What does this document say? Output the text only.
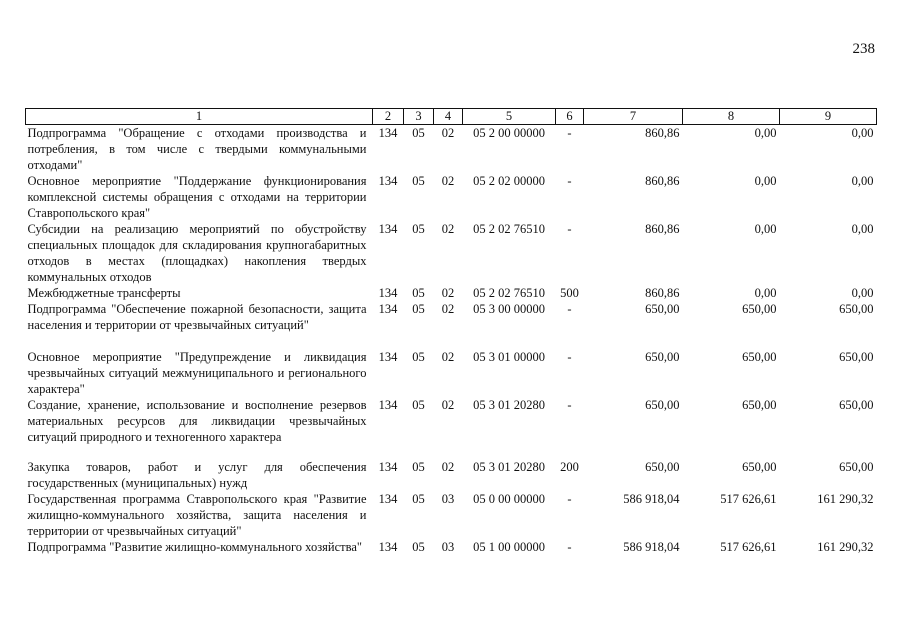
238
1	2	3	4	5	6	7	8	9
Подпрограмма "Обращение с отходами производства и потребления, в том числе с твердыми коммунальными отходами"	134	05	02	05 2 00 00000	-	860,86	0,00	0,00
Основное мероприятие "Поддержание функционирования комплексной системы обращения с отходами на территории Ставропольского края"	134	05	02	05 2 02 00000	-	860,86	0,00	0,00
Субсидии на реализацию мероприятий по обустройству специальных площадок для складирования крупногабаритных отходов в местах (площадках) накопления твердых коммунальных отходов	134	05	02	05 2 02 76510	-	860,86	0,00	0,00
Межбюджетные трансферты	134	05	02	05 2 02 76510	500	860,86	0,00	0,00
Подпрограмма "Обеспечение пожарной безопасности, защита населения и территории от чрезвычайных ситуаций"	134	05	02	05 3 00 00000	-	650,00	650,00	650,00
Основное мероприятие "Предупреждение и ликвидация чрезвычайных ситуаций межмуниципального и регионального характера"	134	05	02	05 3 01 00000	-	650,00	650,00	650,00
Создание, хранение, использование и восполнение резервов материальных ресурсов для ликвидации чрезвычайных ситуаций природного и техногенного характера	134	05	02	05 3 01 20280	-	650,00	650,00	650,00
Закупка товаров, работ и услуг для обеспечения государственных (муниципальных) нужд	134	05	02	05 3 01 20280	200	650,00	650,00	650,00
Государственная программа Ставропольского края "Развитие жилищно-коммунального хозяйства, защита населения и территории от чрезвычайных ситуаций"	134	05	03	05 0 00 00000	-	586 918,04	517 626,61	161 290,32
Подпрограмма "Развитие жилищно-коммунального хозяйства"	134	05	03	05 1 00 00000	-	586 918,04	517 626,61	161 290,32
